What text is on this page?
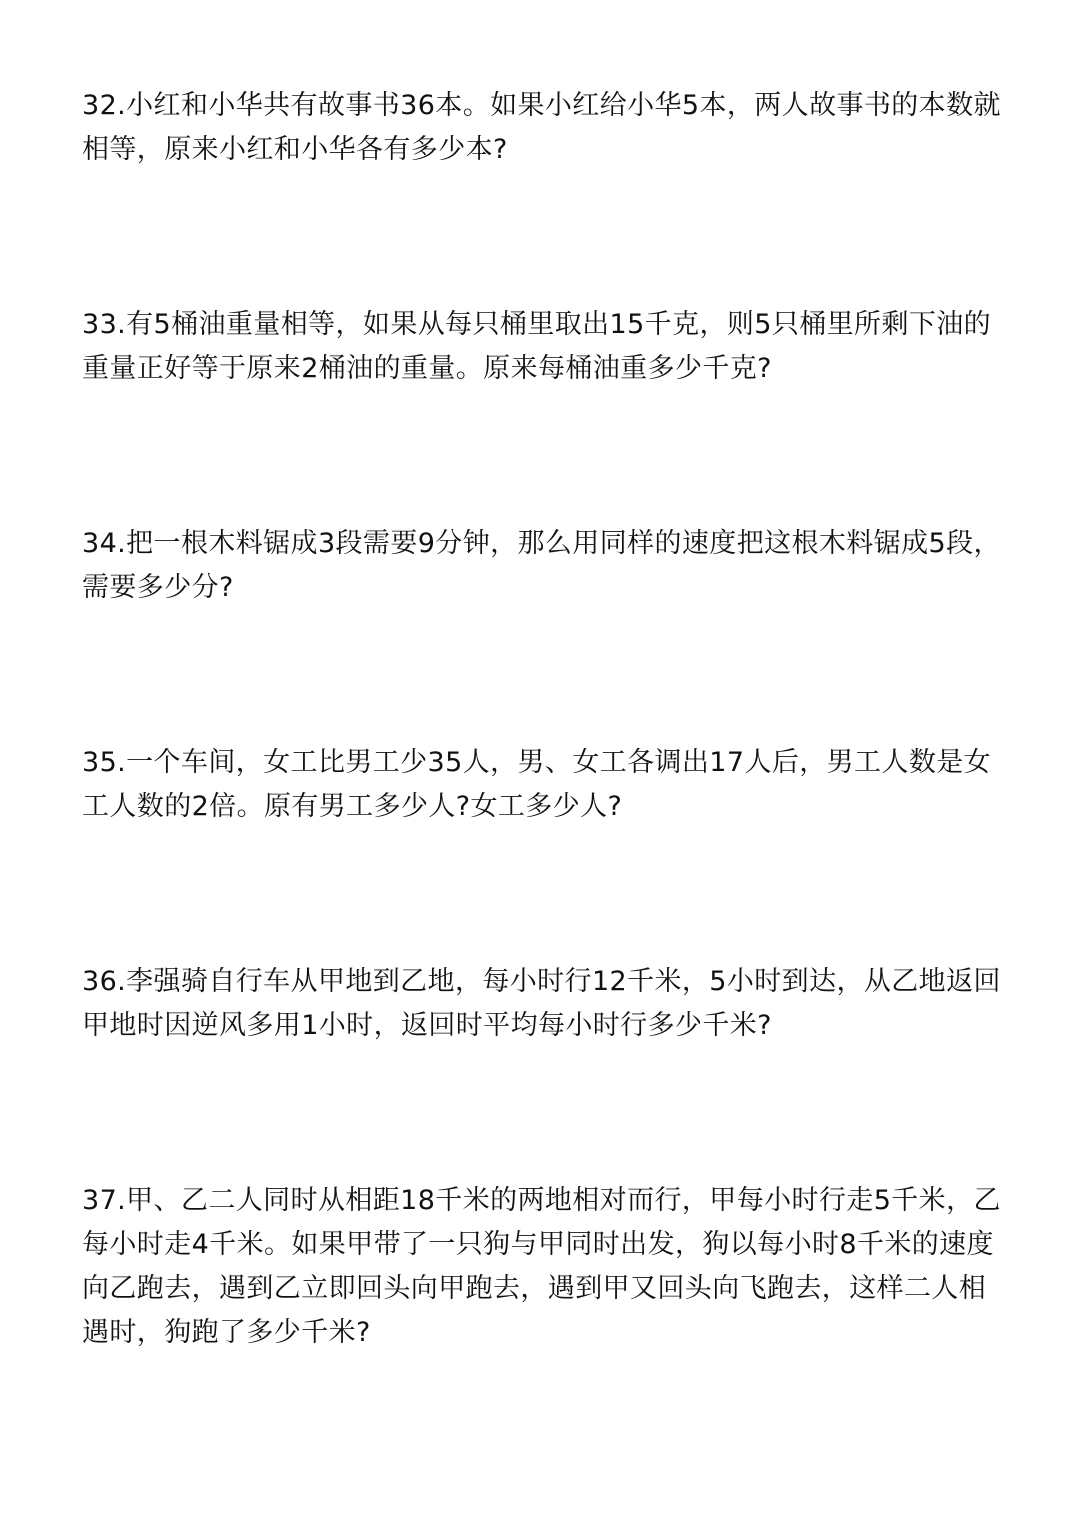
32.小红和小华共有故事书36本。如果小红给小华5本，两人故事书的本数就
相等，原来小红和小华各有多少本?
33.有5桶油重量相等，如果从每只桶里取出15千克，则5只桶里所剩下油的
重量正好等于原来2桶油的重量。原来每桶油重多少千克?
34.把一根木料锯成3段需要9分钟，那么用同样的速度把这根木料锯成5段，
需要多少分?
35.一个车间，女工比男工少35人，男、女工各调出17人后，男工人数是女
工人数的2倍。原有男工多少人?女工多少人?
36.李强骑自行车从甲地到乙地，每小时行12千米，5小时到达，从乙地返回
甲地时因逆风多用1小时，返回时平均每小时行多少千米?
37.甲、乙二人同时从相距18千米的两地相对而行，甲每小时行走5千米，乙
每小时走4千米。如果甲带了一只狗与甲同时出发，狗以每小时8千米的速度
向乙跑去，遇到乙立即回头向甲跑去，遇到甲又回头向飞跑去，这样二人相
遇时，狗跑了多少千米?
